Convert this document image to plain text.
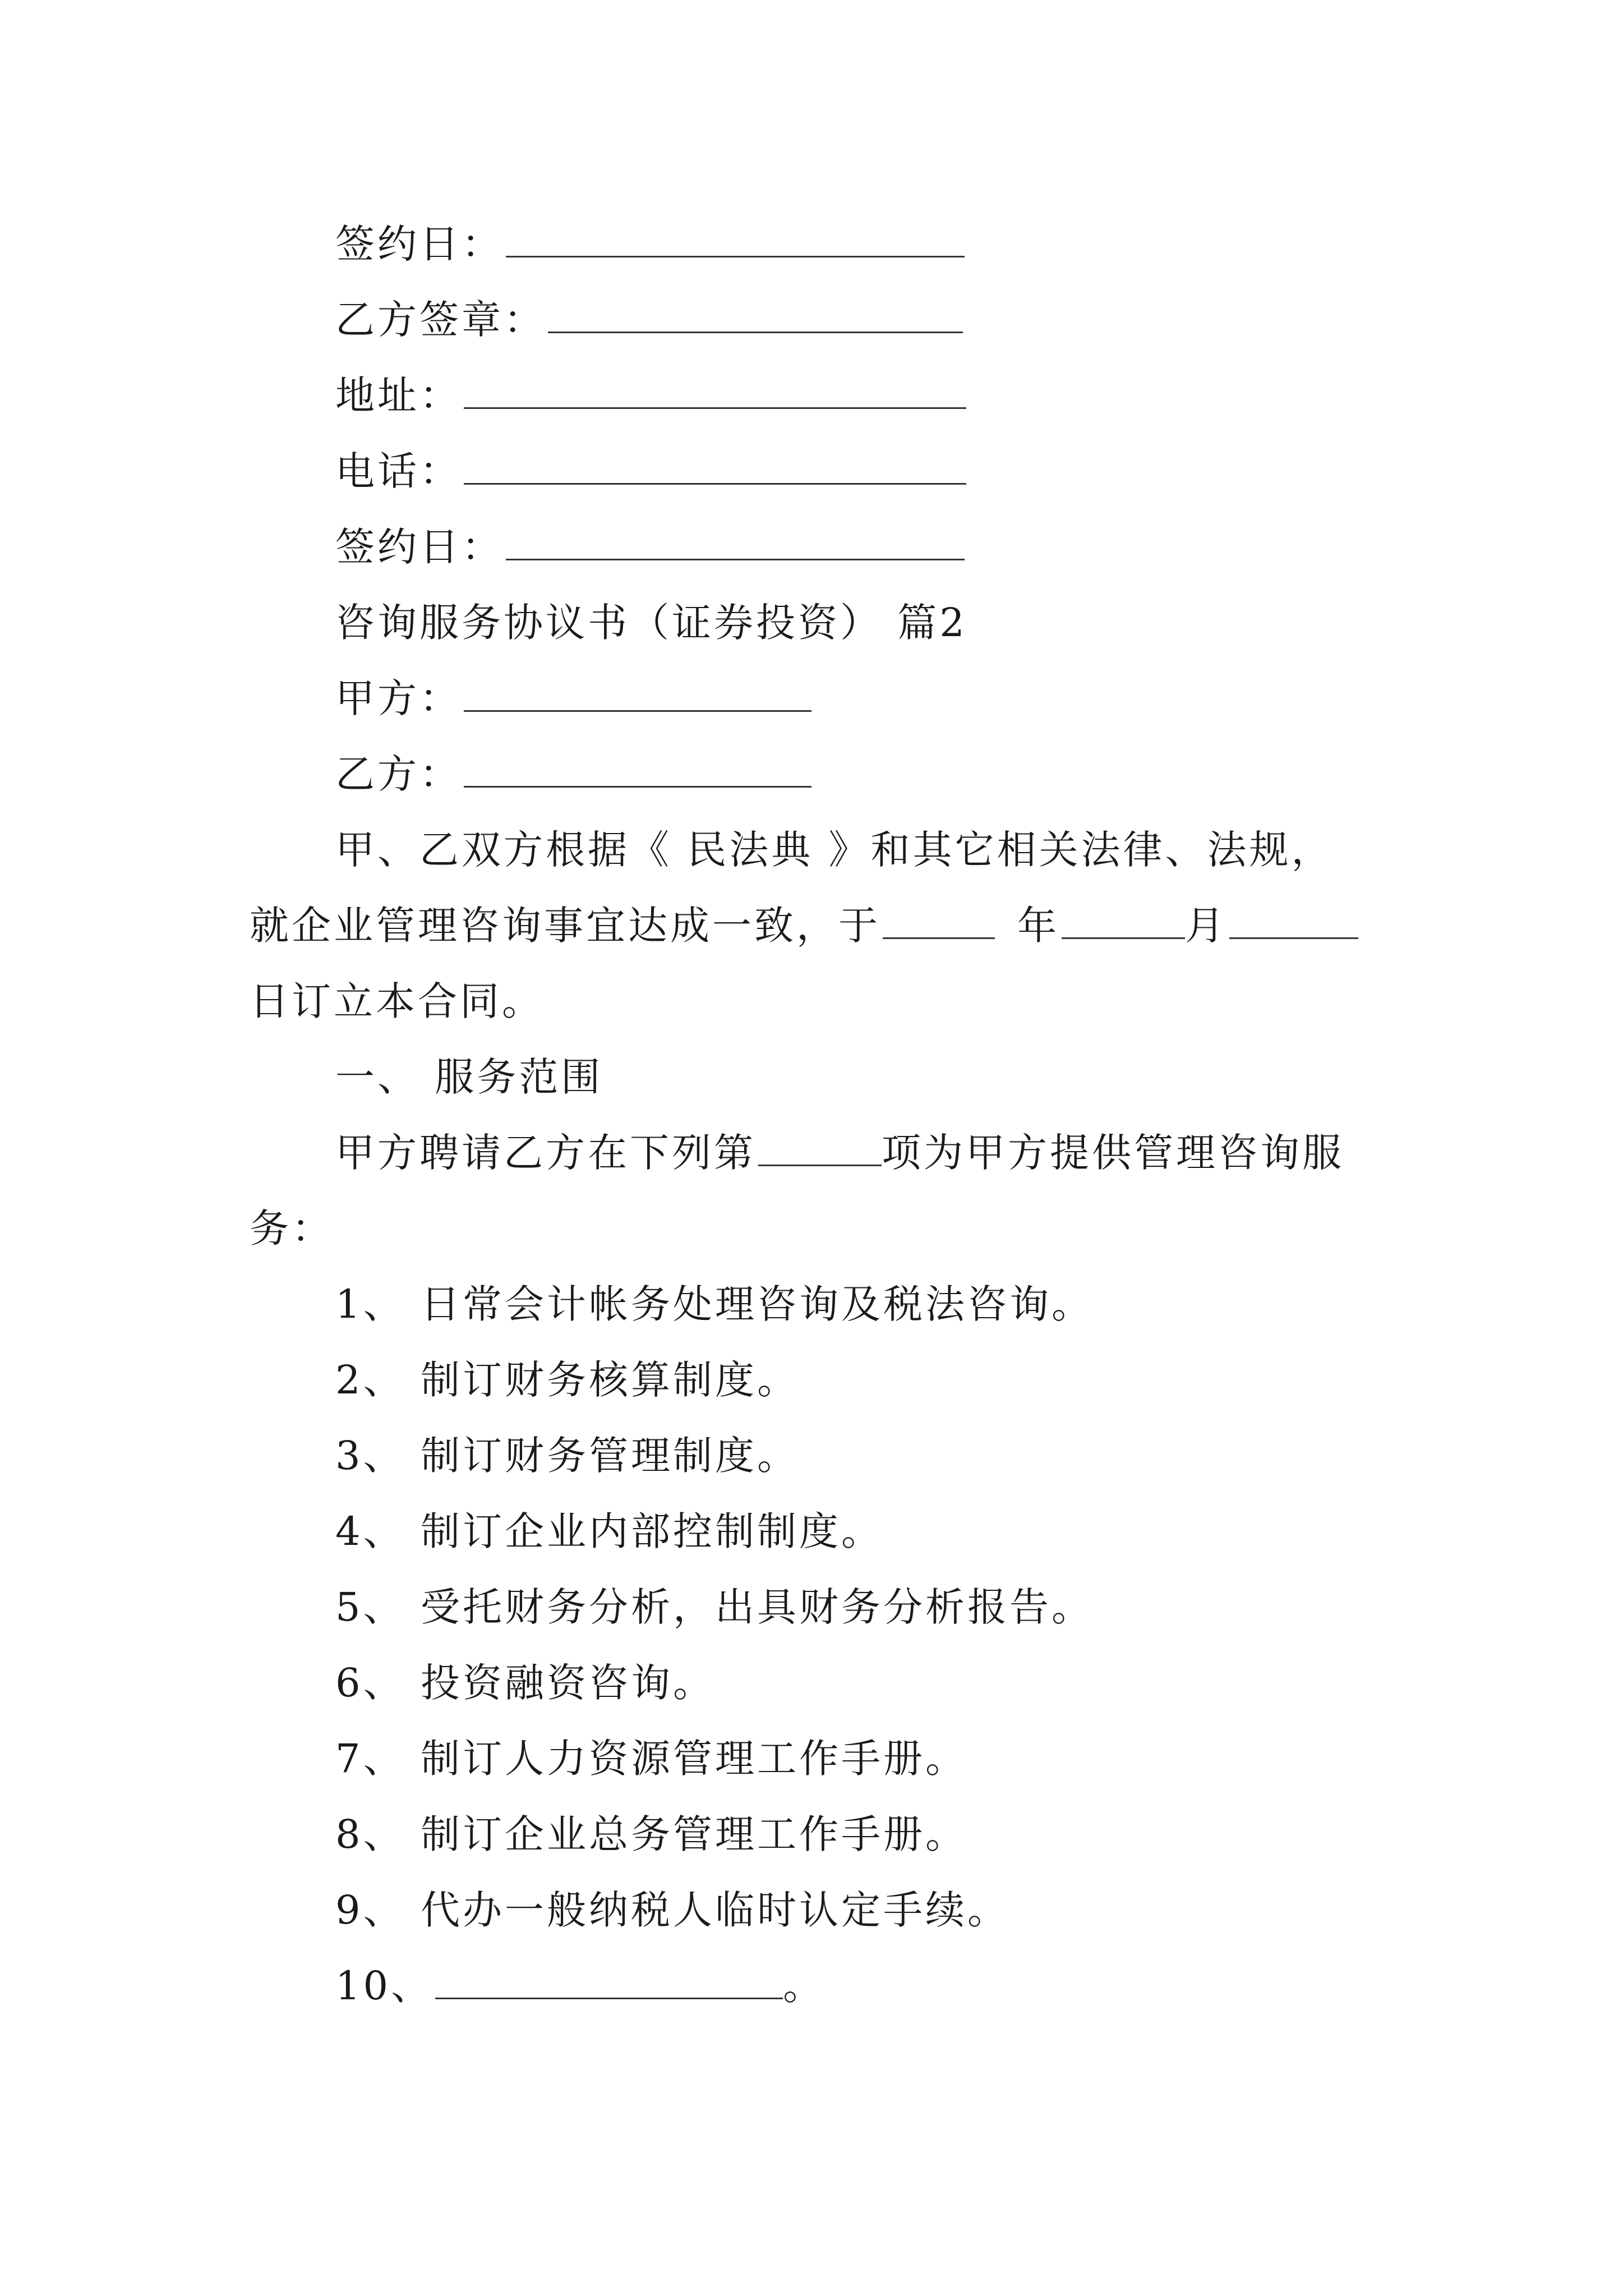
签约日：
乙方签章：
地址：
电话：
签约日：
咨询服务协议书（证券投资） 篇2
甲方：
乙方：
甲、乙双方根据《 民法典 》和其它相关法律、法规，
就企业管理咨询事宜达成一致，于	年	月
日订立本合同。
一、 服务范围
甲方聘请乙方在下列第	项为甲方提供管理咨询服
务：
1、 日常会计帐务处理咨询及税法咨询。
2、 制订财务核算制度。
3、 制订财务管理制度。
4、 制订企业内部控制制度。
5、 受托财务分析，出具财务分析报告。
6、 投资融资咨询。
7、 制订人力资源管理工作手册。
8、 制订企业总务管理工作手册。
9、 代办一般纳税人临时认定手续。
10、	。
